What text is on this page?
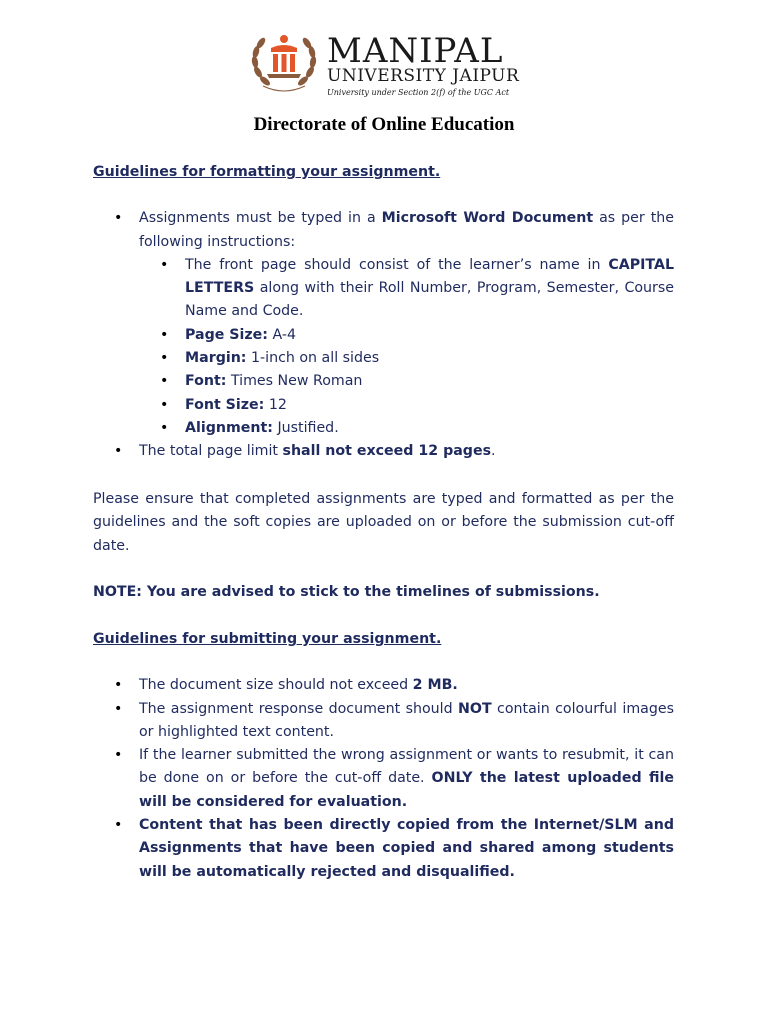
MANIPAL
UNIVERSITY JAIPUR
University under Section 2(f) of the UGC Act
Directorate of Online Education

Guidelines for formatting your assignment.

• Assignments must be typed in a Microsoft Word Document as per the following instructions:
• The front page should consist of the learner’s name in CAPITAL LETTERS along with their Roll Number, Program, Semester, Course Name and Code.
• Page Size: A-4
• Margin: 1-inch on all sides
• Font: Times New Roman
• Font Size: 12
• Alignment: Justified.
• The total page limit shall not exceed 12 pages.

Please ensure that completed assignments are typed and formatted as per the guidelines and the soft copies are uploaded on or before the submission cut-off date.

NOTE: You are advised to stick to the timelines of submissions.

Guidelines for submitting your assignment.

• The document size should not exceed 2 MB.
• The assignment response document should NOT contain colourful images or highlighted text content.
• If the learner submitted the wrong assignment or wants to resubmit, it can be done on or before the cut-off date. ONLY the latest uploaded file will be considered for evaluation.
• Content that has been directly copied from the Internet/SLM and Assignments that have been copied and shared among students will be automatically rejected and disqualified.
